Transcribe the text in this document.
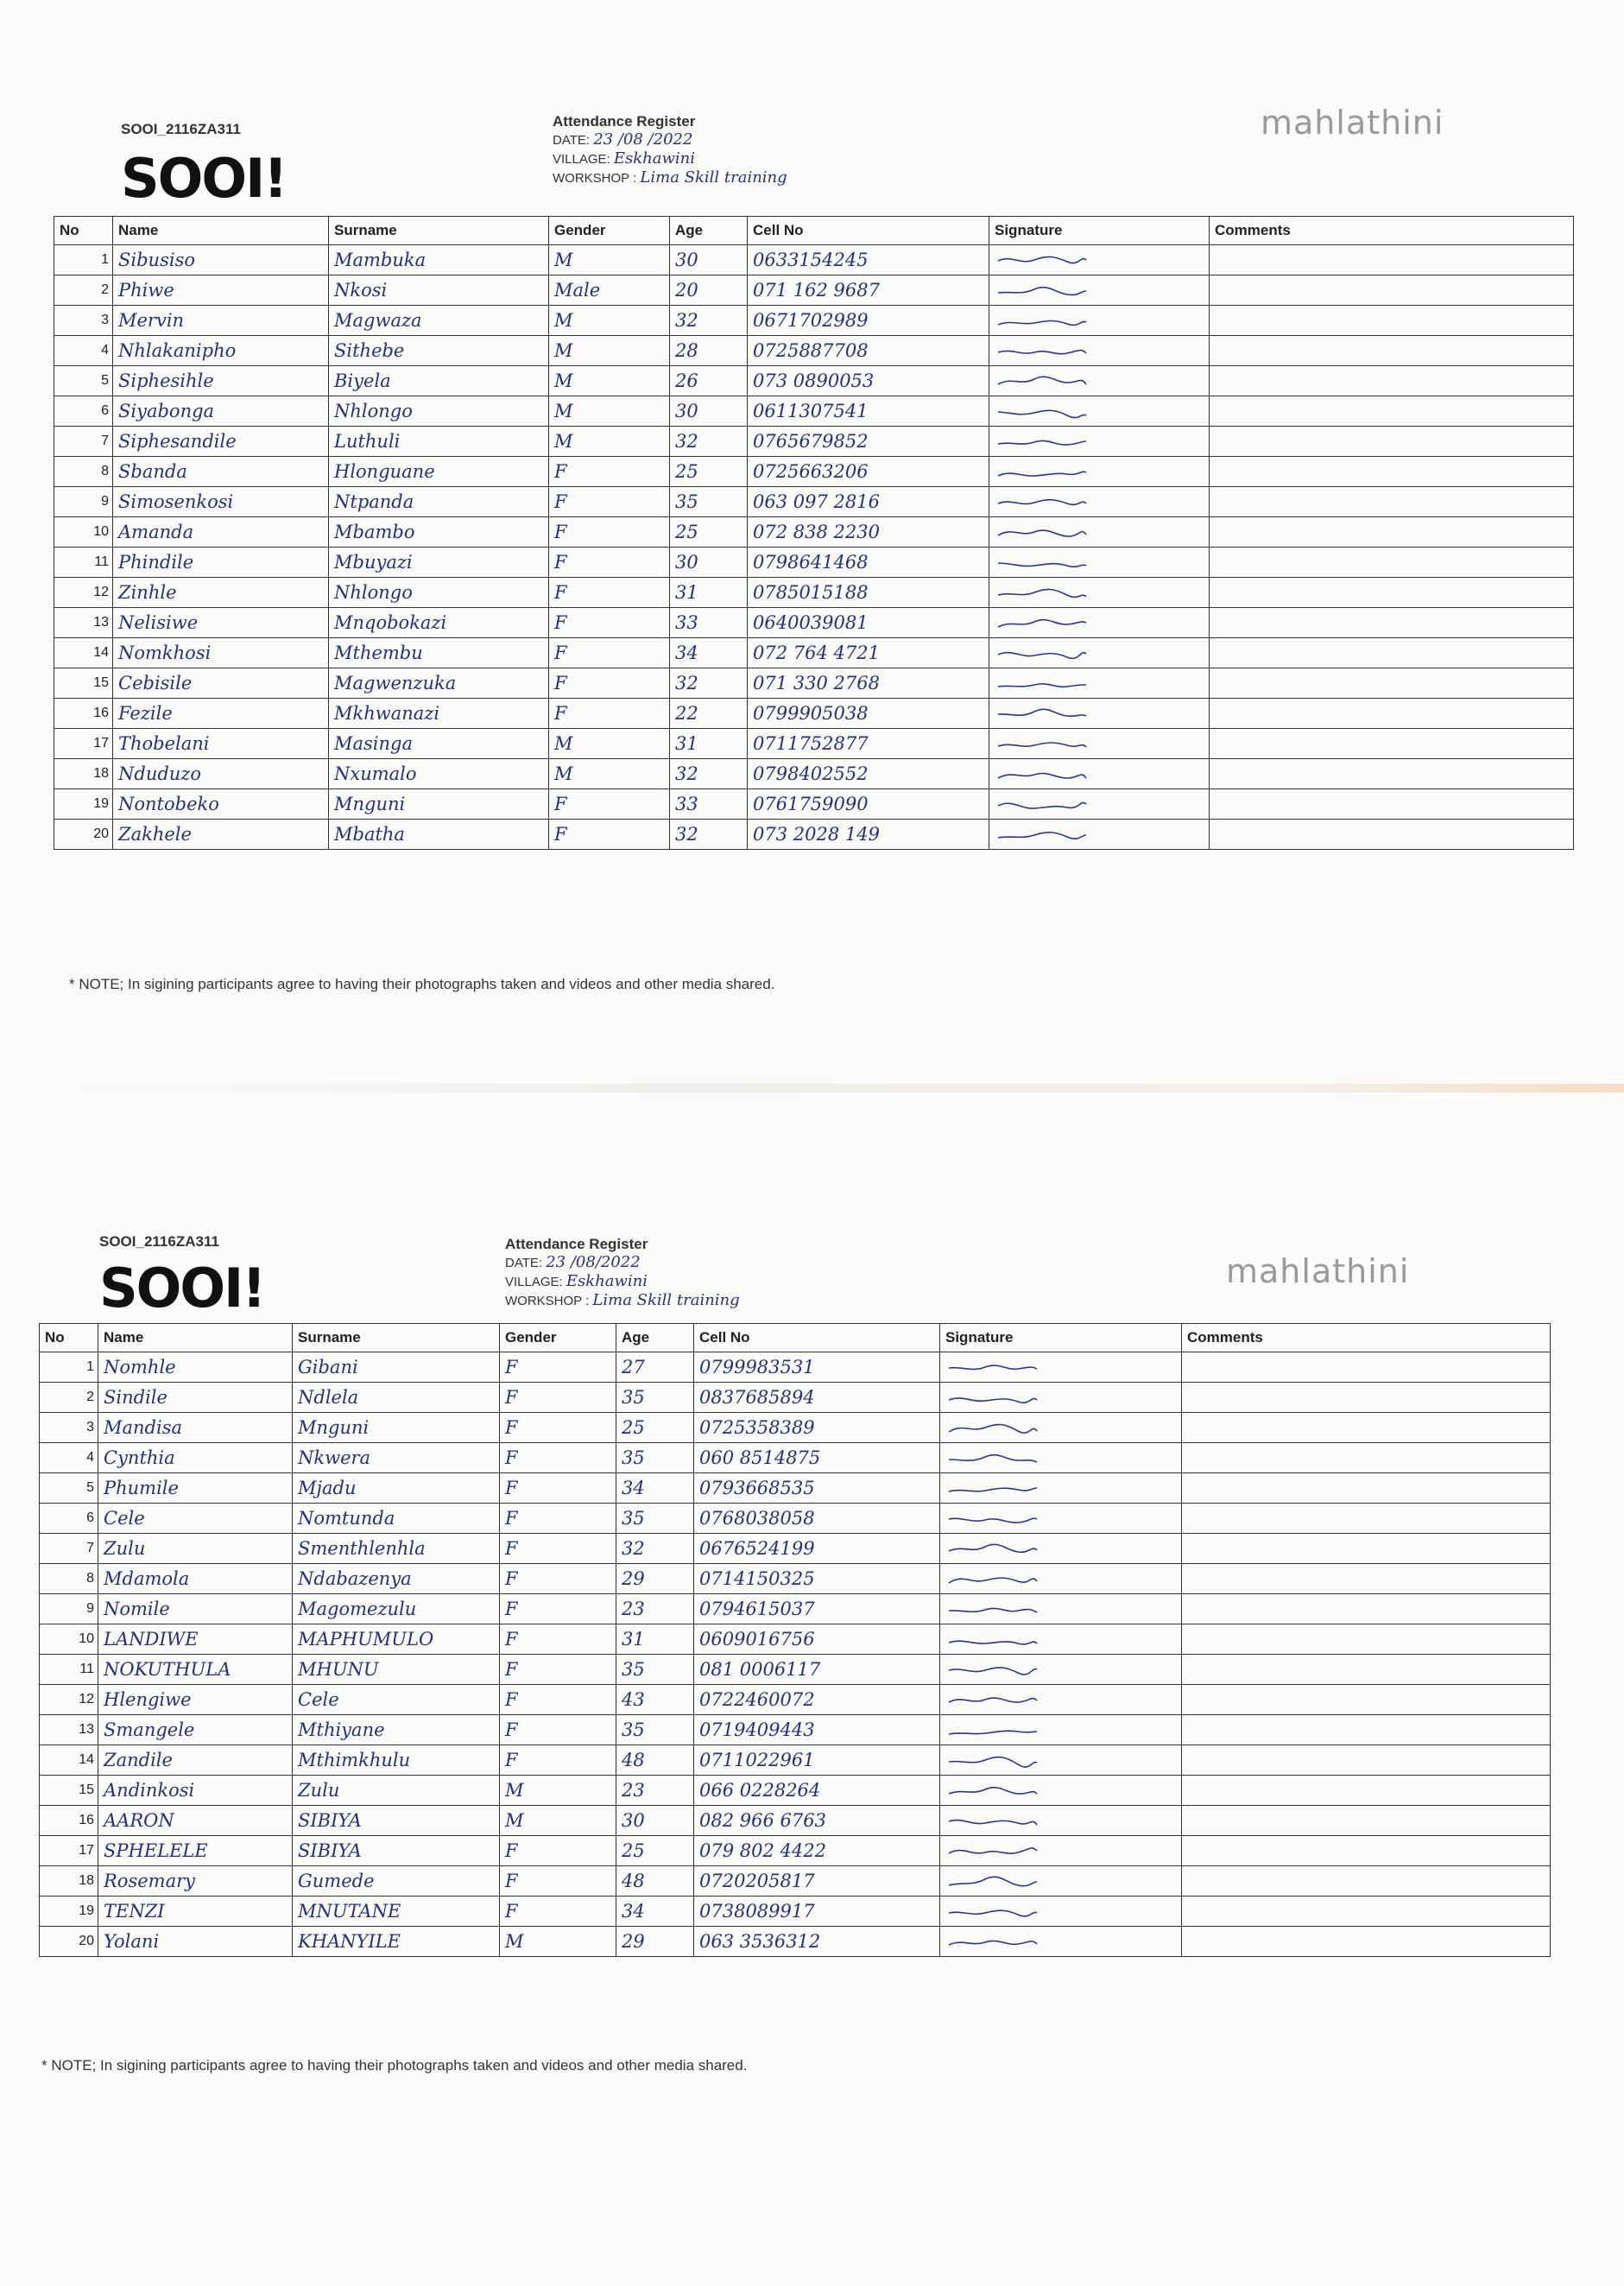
SOOI_2116ZA311
SOOI!
Attendance Register
DATE: 23 /08 /2022
VILLAGE: Eskhawini
WORKSHOP : Lima Skill training
mahlathini
No	Name	Surname	Gender	Age	Cell No	Signature	Comments
1	Sibusiso	Mambuka	M	30	0633154245		
2	Phiwe	Nkosi	Male	20	071 162 9687		
3	Mervin	Magwaza	M	32	0671702989		
4	Nhlakanipho	Sithebe	M	28	0725887708		
5	Siphesihle	Biyela	M	26	073 0890053		
6	Siyabonga	Nhlongo	M	30	0611307541		
7	Siphesandile	Luthuli	M	32	0765679852		
8	Sbanda	Hlonguane	F	25	0725663206		
9	Simosenkosi	Ntpanda	F	35	063 097 2816		
10	Amanda	Mbambo	F	25	072 838 2230		
11	Phindile	Mbuyazi	F	30	0798641468		
12	Zinhle	Nhlongo	F	31	0785015188		
13	Nelisiwe	Mnqobokazi	F	33	0640039081		
14	Nomkhosi	Mthembu	F	34	072 764 4721		
15	Cebisile	Magwenzuka	F	32	071 330 2768		
16	Fezile	Mkhwanazi	F	22	0799905038		
17	Thobelani	Masinga	M	31	0711752877		
18	Nduduzo	Nxumalo	M	32	0798402552		
19	Nontobeko	Mnguni	F	33	0761759090		
20	Zakhele	Mbatha	F	32	073 2028 149		
* NOTE; In sigining participants agree to having their photographs taken and videos and other media shared.
SOOI_2116ZA311
SOOI!
Attendance Register
DATE: 23 /08/2022
VILLAGE: Eskhawini
WORKSHOP : Lima Skill training
mahlathini
No	Name	Surname	Gender	Age	Cell No	Signature	Comments
1	Nomhle	Gibani	F	27	0799983531		
2	Sindile	Ndlela	F	35	0837685894		
3	Mandisa	Mnguni	F	25	0725358389		
4	Cynthia	Nkwera	F	35	060 8514875		
5	Phumile	Mjadu	F	34	0793668535		
6	Cele	Nomtunda	F	35	0768038058		
7	Zulu	Smenthlenhla	F	32	0676524199		
8	Mdamola	Ndabazenya	F	29	0714150325		
9	Nomile	Magomezulu	F	23	0794615037		
10	LANDIWE	MAPHUMULO	F	31	0609016756		
11	NOKUTHULA	MHUNU	F	35	081 0006117		
12	Hlengiwe	Cele	F	43	0722460072		
13	Smangele	Mthiyane	F	35	0719409443		
14	Zandile	Mthimkhulu	F	48	0711022961		
15	Andinkosi	Zulu	M	23	066 0228264		
16	AARON	SIBIYA	M	30	082 966 6763		
17	SPHELELE	SIBIYA	F	25	079 802 4422		
18	Rosemary	Gumede	F	48	0720205817		
19	TENZI	MNUTANE	F	34	0738089917		
20	Yolani	KHANYILE	M	29	063 3536312		
* NOTE; In sigining participants agree to having their photographs taken and videos and other media shared.
